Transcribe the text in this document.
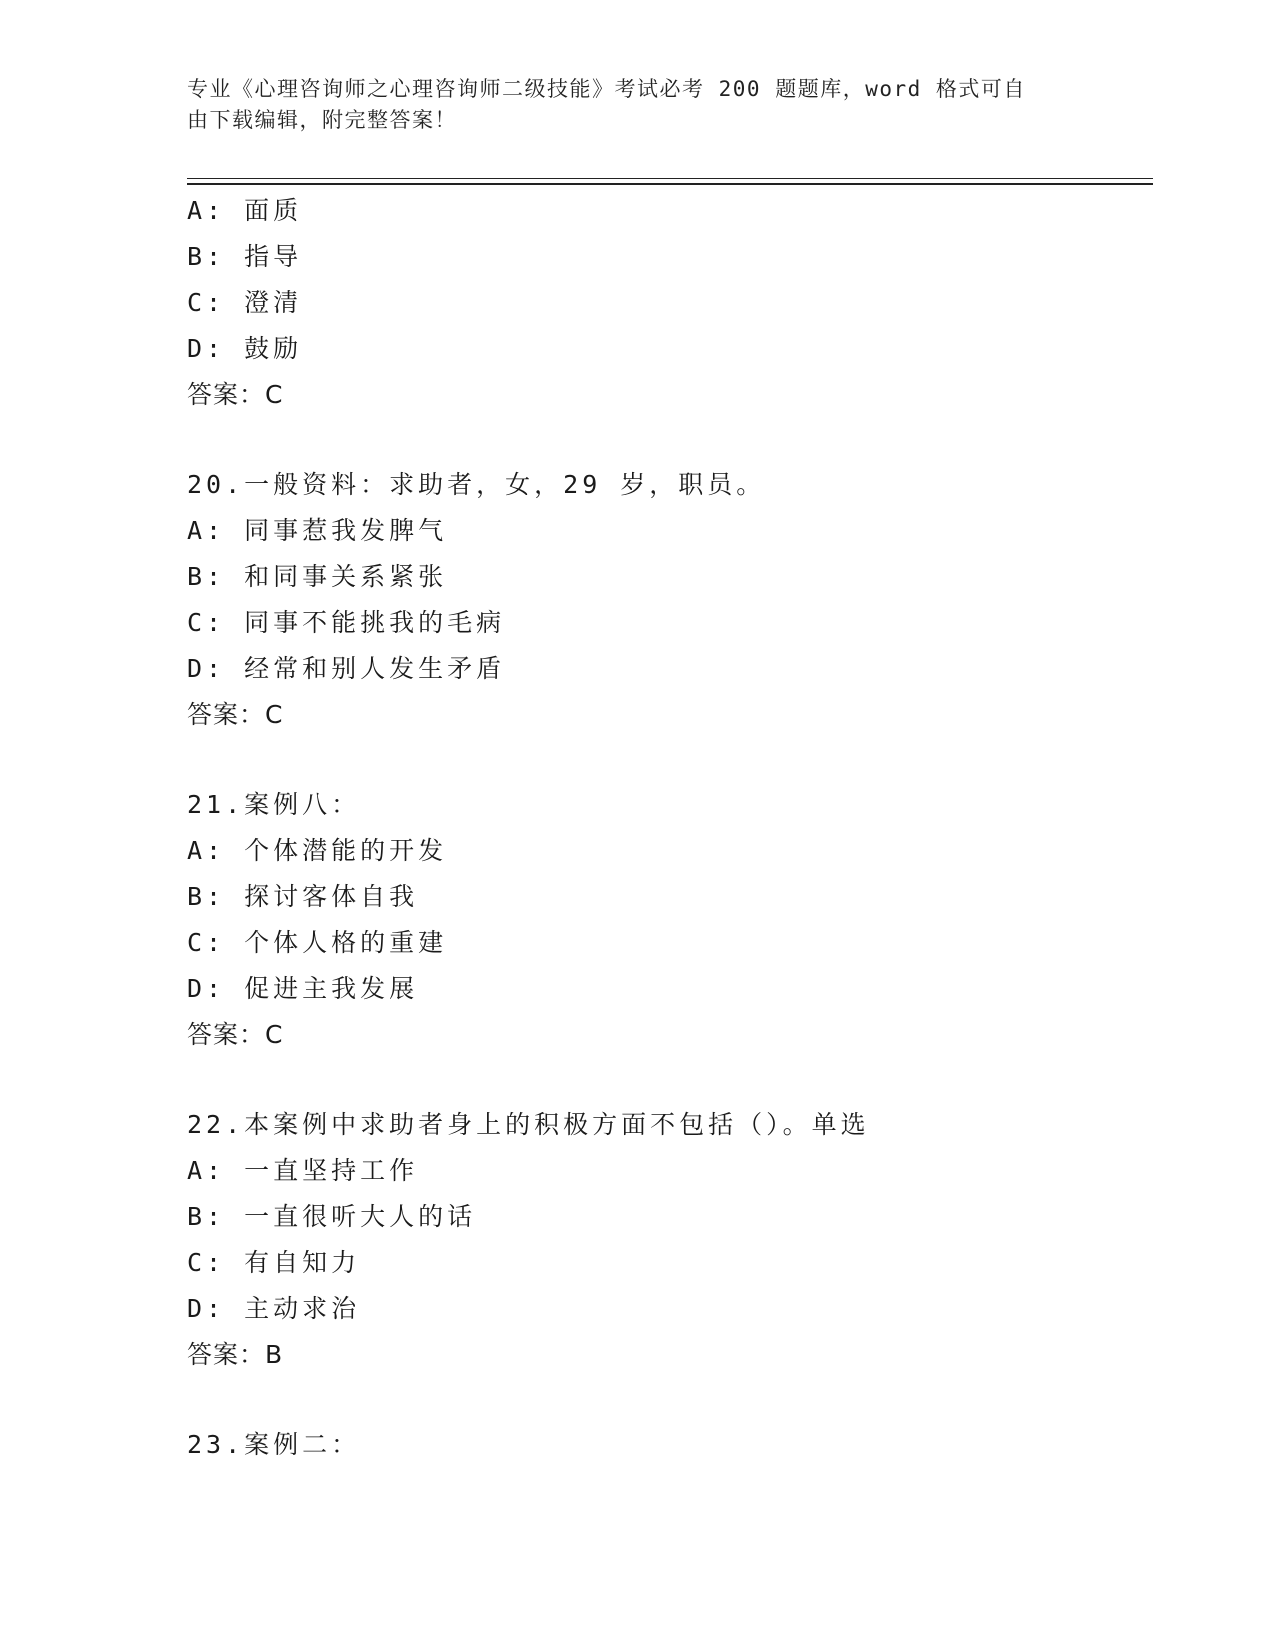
专业《心理咨询师之心理咨询师二级技能》考试必考 200 题题库，word 格式可自
由下载编辑，附完整答案！
A: 面质
B: 指导
C: 澄清
D: 鼓励
答案：C
20.一般资料：求助者，女，29 岁，职员。
A: 同事惹我发脾气
B: 和同事关系紧张
C: 同事不能挑我的毛病
D: 经常和别人发生矛盾
答案：C
21.案例八：
A: 个体潜能的开发
B: 探讨客体自我
C: 个体人格的重建
D: 促进主我发展
答案：C
22.本案例中求助者身上的积极方面不包括（）。单选
A: 一直坚持工作
B: 一直很听大人的话
C: 有自知力
D: 主动求治
答案：B
23.案例二：
